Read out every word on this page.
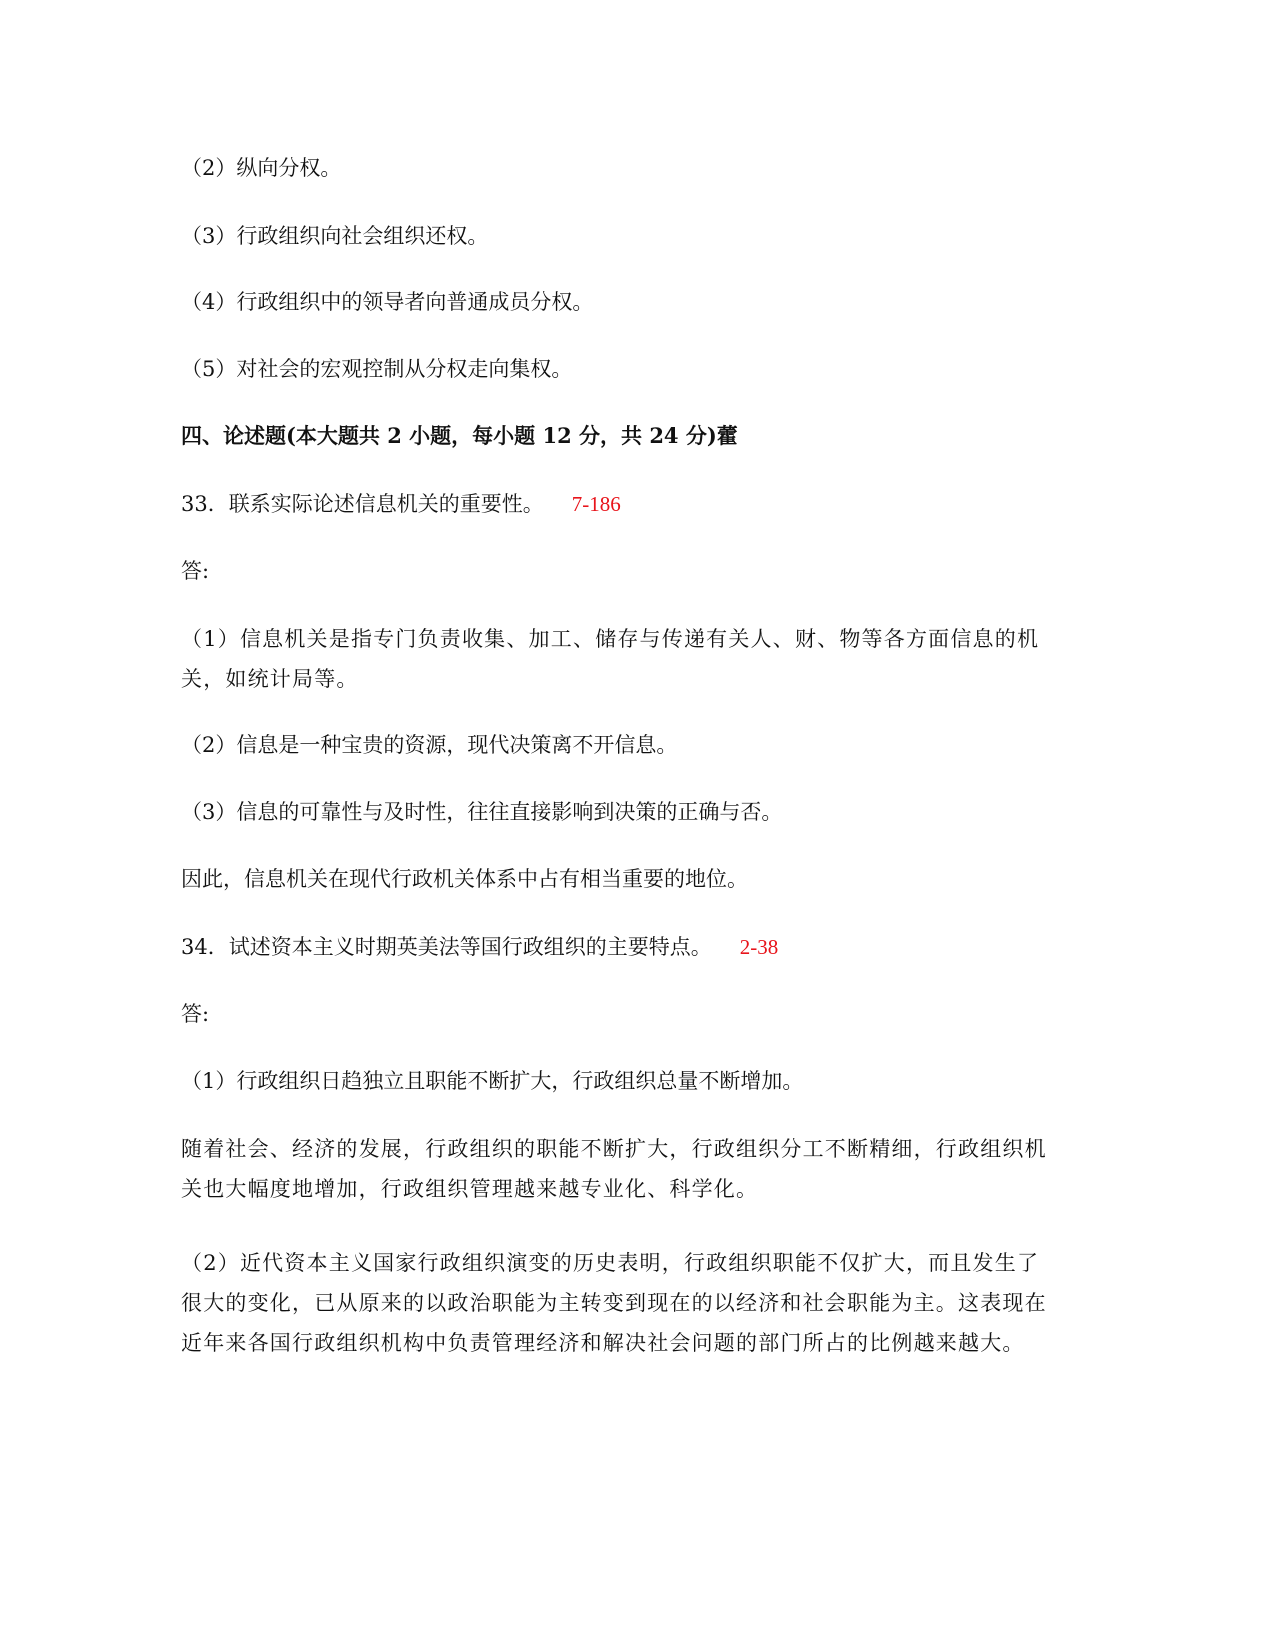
（2）纵向分权。
（3）行政组织向社会组织还权。
（4）行政组织中的领导者向普通成员分权。
（5）对社会的宏观控制从分权走向集权。
四、论述题(本大题共 2 小题，每小题 12 分，共 24 分)藿
33．联系实际论述信息机关的重要性。 7-186
答:
（1）信息机关是指专门负责收集、加工、储存与传递有关人、财、物等各方面信息的机关，如统计局等。
（2）信息是一种宝贵的资源，现代决策离不开信息。
（3）信息的可靠性与及时性，往往直接影响到决策的正确与否。
因此，信息机关在现代行政机关体系中占有相当重要的地位。
34．试述资本主义时期英美法等国行政组织的主要特点。 2-38
答:
（1）行政组织日趋独立且职能不断扩大，行政组织总量不断增加。
随着社会、经济的发展，行政组织的职能不断扩大，行政组织分工不断精细，行政组织机关也大幅度地增加，行政组织管理越来越专业化、科学化。
（2）近代资本主义国家行政组织演变的历史表明，行政组织职能不仅扩大，而且发生了很大的变化，已从原来的以政治职能为主转变到现在的以经济和社会职能为主。这表现在近年来各国行政组织机构中负责管理经济和解决社会问题的部门所占的比例越来越大。
